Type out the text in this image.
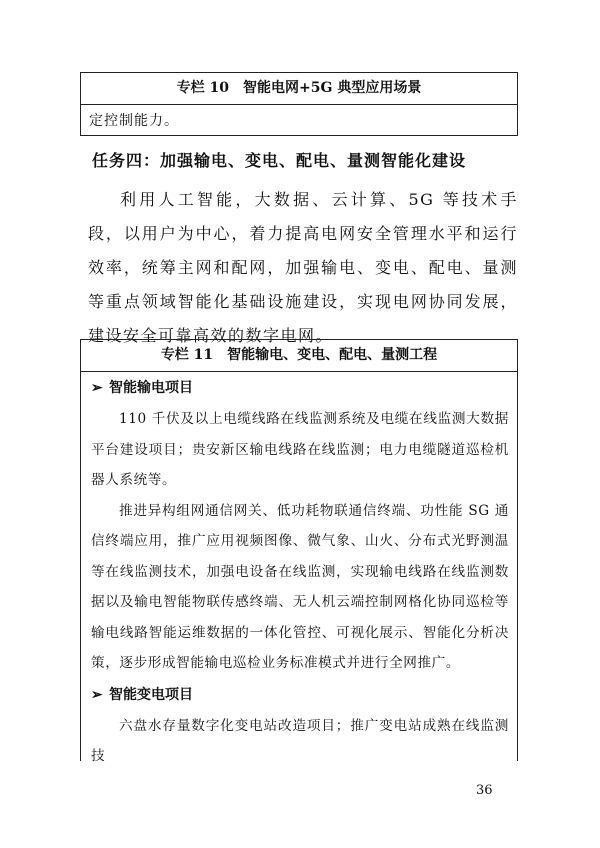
专栏 10　智能电网+5G 典型应用场景
定控制能力。
任务四：加强输电、变电、配电、量测智能化建设
利用人工智能，大数据、云计算、5G 等技术手段，以用户为中心，着力提高电网安全管理水平和运行效率，统筹主网和配网，加强输电、变电、配电、量测等重点领域智能化基础设施建设，实现电网协同发展，建设安全可靠高效的数字电网。
专栏 11　智能输电、变电、配电、量测工程
➢ 智能输电项目
110 千伏及以上电缆线路在线监测系统及电缆在线监测大数据平台建设项目；贵安新区输电线路在线监测；电力电缆隧道巡检机器人系统等。
推进异构组网通信网关、低功耗物联通信终端、功性能 SG 通信终端应用，推广应用视频图像、微气象、山火、分布式光野测温等在线监测技术，加强电设备在线监测，实现输电线路在线监测数据以及输电智能物联传感终端、无人机云端控制网格化协同巡检等输电线路智能运维数据的一体化管控、可视化展示、智能化分析决策，逐步形成智能输电巡检业务标准模式并进行全网推广。
➢ 智能变电项目
六盘水存量数字化变电站改造项目；推广变电站成熟在线监测技
36
